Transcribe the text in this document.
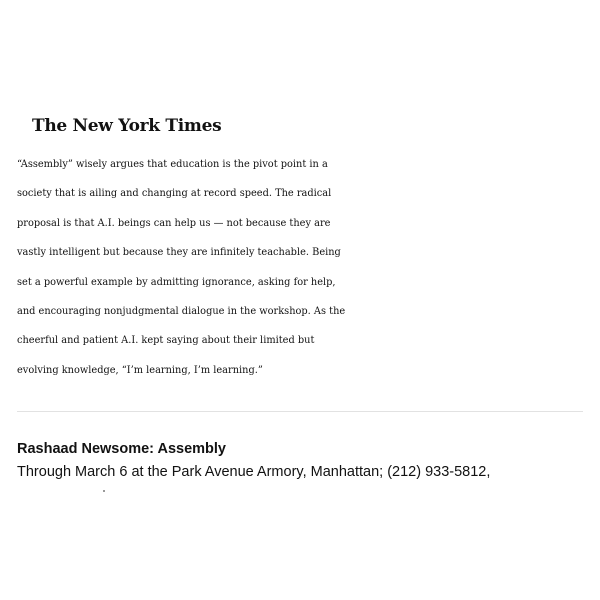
The New York Times

“Assembly” wisely argues that education is the pivot point in a
society that is ailing and changing at record speed. The radical
proposal is that A.I. beings can help us — not because they are
vastly intelligent but because they are infinitely teachable. Being
set a powerful example by admitting ignorance, asking for help,
and encouraging nonjudgmental dialogue in the workshop. As the
cheerful and patient A.I. kept saying about their limited but
evolving knowledge, “I’m learning, I’m learning.”

Rashaad Newsome: Assembly
Through March 6 at the Park Avenue Armory, Manhattan; (212) 933-5812,
